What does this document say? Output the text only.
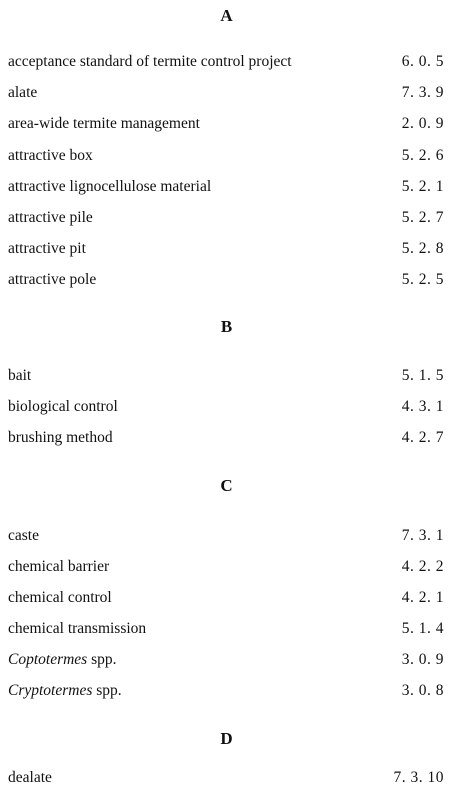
A
acceptance standard of termite control project	6. 0. 5
alate	7. 3. 9
area-wide termite management	2. 0. 9
attractive box	5. 2. 6
attractive lignocellulose material	5. 2. 1
attractive pile	5. 2. 7
attractive pit	5. 2. 8
attractive pole	5. 2. 5
B
bait	5. 1. 5
biological control	4. 3. 1
brushing method	4. 2. 7
C
caste	7. 3. 1
chemical barrier	4. 2. 2
chemical control	4. 2. 1
chemical transmission	5. 1. 4
Coptotermes spp.	3. 0. 9
Cryptotermes spp.	3. 0. 8
D
dealate	7. 3. 10
